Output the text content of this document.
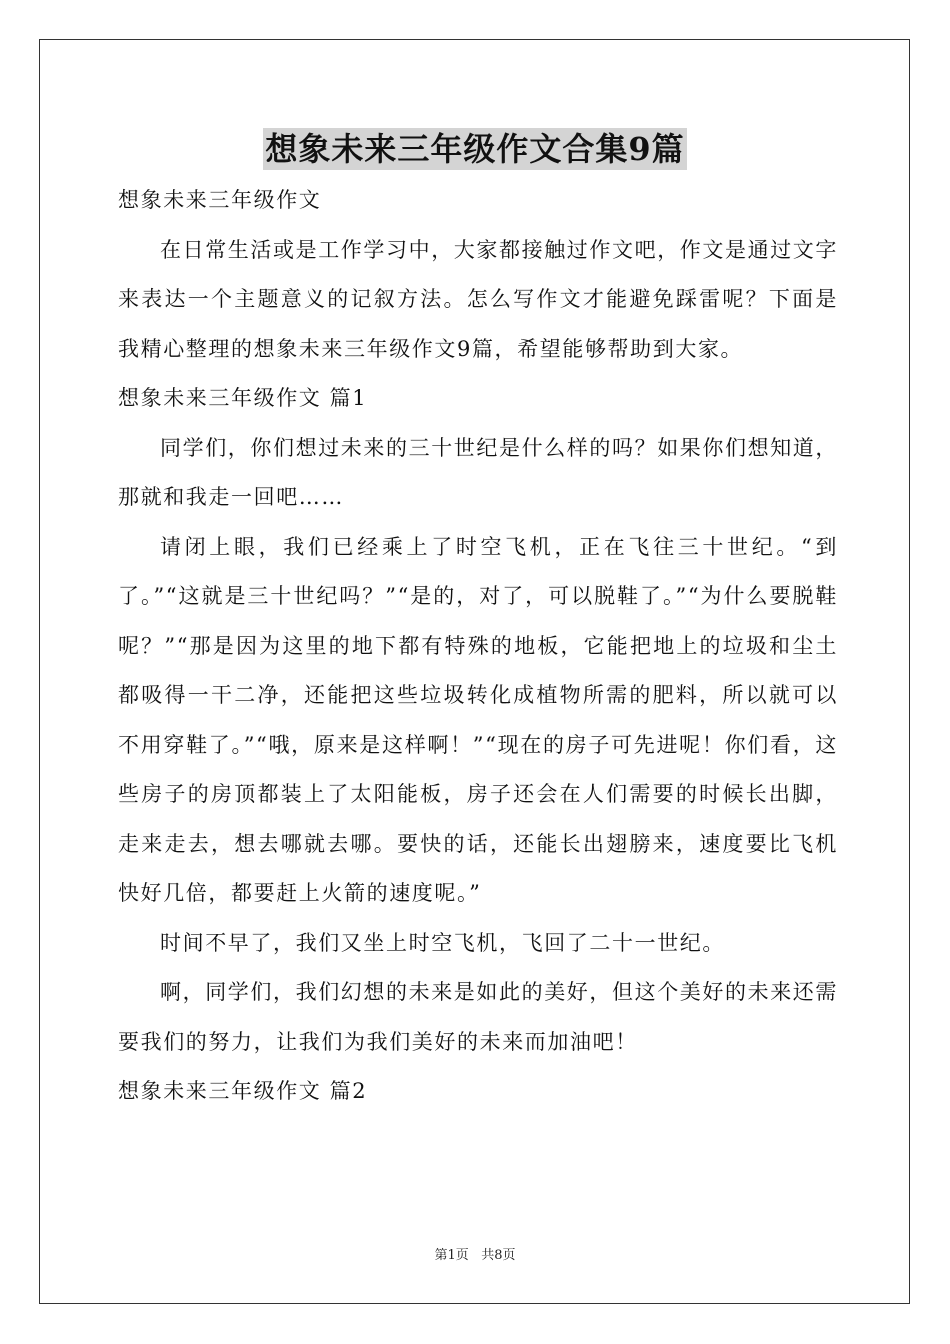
想象未来三年级作文合集9篇

想象未来三年级作文

在日常生活或是工作学习中，大家都接触过作文吧，作文是通过文字来表达一个主题意义的记叙方法。怎么写作文才能避免踩雷呢？下面是我精心整理的想象未来三年级作文9篇，希望能够帮助到大家。

想象未来三年级作文 篇1

同学们，你们想过未来的三十世纪是什么样的吗？如果你们想知道，那就和我走一回吧……

请闭上眼，我们已经乘上了时空飞机，正在飞往三十世纪。“到了。”“这就是三十世纪吗？”“是的，对了，可以脱鞋了。”“为什么要脱鞋呢？”“那是因为这里的地下都有特殊的地板，它能把地上的垃圾和尘土都吸得一干二净，还能把这些垃圾转化成植物所需的肥料，所以就可以不用穿鞋了。”“哦，原来是这样啊！”“现在的房子可先进呢！你们看，这些房子的房顶都装上了太阳能板，房子还会在人们需要的时候长出脚，走来走去，想去哪就去哪。要快的话，还能长出翅膀来，速度要比飞机快好几倍，都要赶上火箭的速度呢。”

时间不早了，我们又坐上时空飞机，飞回了二十一世纪。

啊，同学们，我们幻想的未来是如此的美好，但这个美好的未来还需要我们的努力，让我们为我们美好的未来而加油吧！

想象未来三年级作文 篇2

第1页 共8页
